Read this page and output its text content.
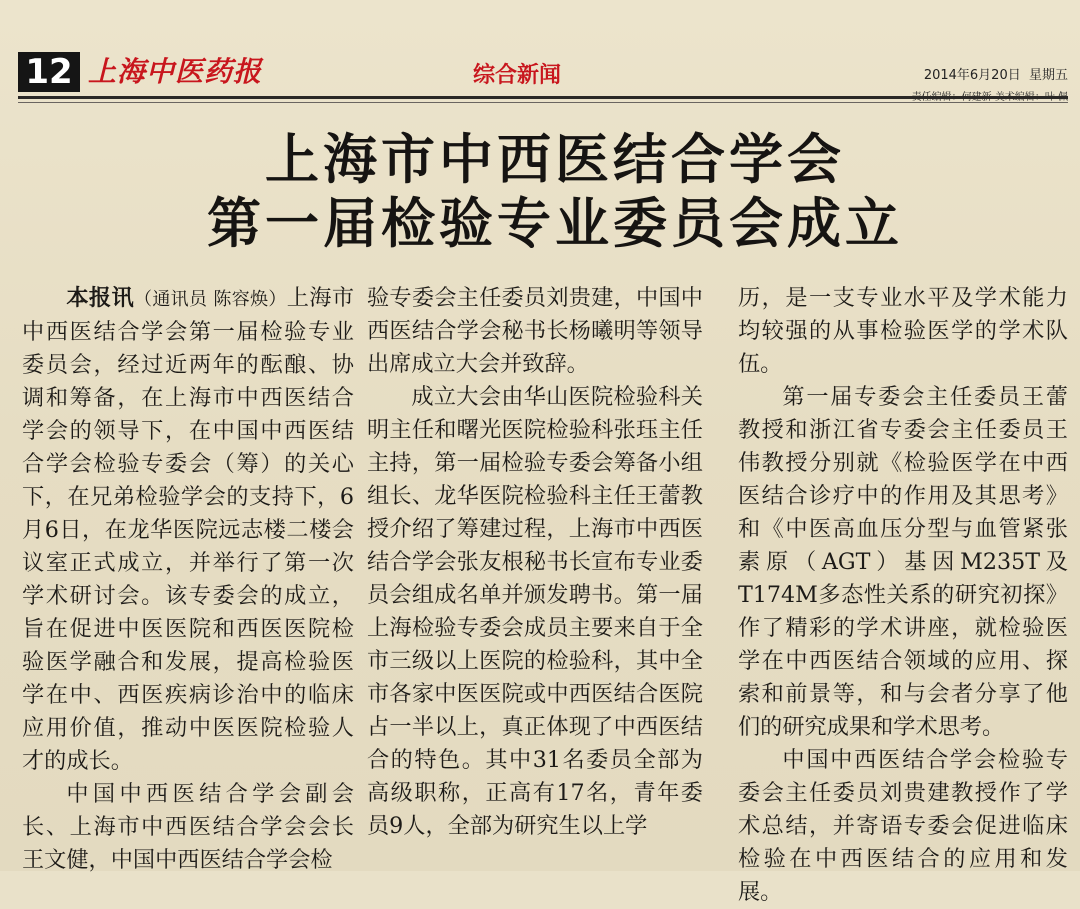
12 上海中医药报	综合新闻	2014年6月20日 星期五
上海市中西医结合学会
第一届检验专业委员会成立

本报讯（通讯员 陈容焕）上海市中西医结合学会第一届检验专业委员会，经过近两年的酝酿、协调和筹备，在上海市中西医结合学会的领导下，在中国中西医结合学会检验专委会（筹）的关心下，在兄弟检验学会的支持下，6月6日，在龙华医院远志楼二楼会议室正式成立，并举行了第一次学术研讨会。该专委会的成立，旨在促进中医医院和西医医院检验医学融合和发展，提高检验医学在中、西医疾病诊治中的临床应用价值，推动中医医院检验人才的成长。

中国中西医结合学会副会长、上海市中西医结合学会会长王文健，中国中西医结合学会检

验专委会主任委员刘贵建，中国中西医结合学会秘书长杨曦明等领导出席成立大会并致辞。

成立大会由华山医院检验科关明主任和曙光医院检验科张珏主任主持，第一届检验专委会筹备小组组长、龙华医院检验科主任王蕾教授介绍了筹建过程，上海市中西医结合学会张友根秘书长宣布专业委员会组成名单并颁发聘书。第一届上海检验专委会成员主要来自于全市三级以上医院的检验科，其中全市各家中医医院或中西医结合医院占一半以上，真正体现了中西医结合的特色。其中31名委员全部为高级职称，正高有17名，青年委员9人，全部为研究生以上学

历，是一支专业水平及学术能力均较强的从事检验医学的学术队伍。

第一届专委会主任委员王蕾教授和浙江省专委会主任委员王伟教授分别就《检验医学在中西医结合诊疗中的作用及其思考》和《中医高血压分型与血管紧张素原（AGT）基因M235T及T174M多态性关系的研究初探》作了精彩的学术讲座，就检验医学在中西医结合领域的应用、探索和前景等，和与会者分享了他们的研究成果和学术思考。

中国中西医结合学会检验专委会主任委员刘贵建教授作了学术总结，并寄语专委会促进临床检验在中西医结合的应用和发展。
